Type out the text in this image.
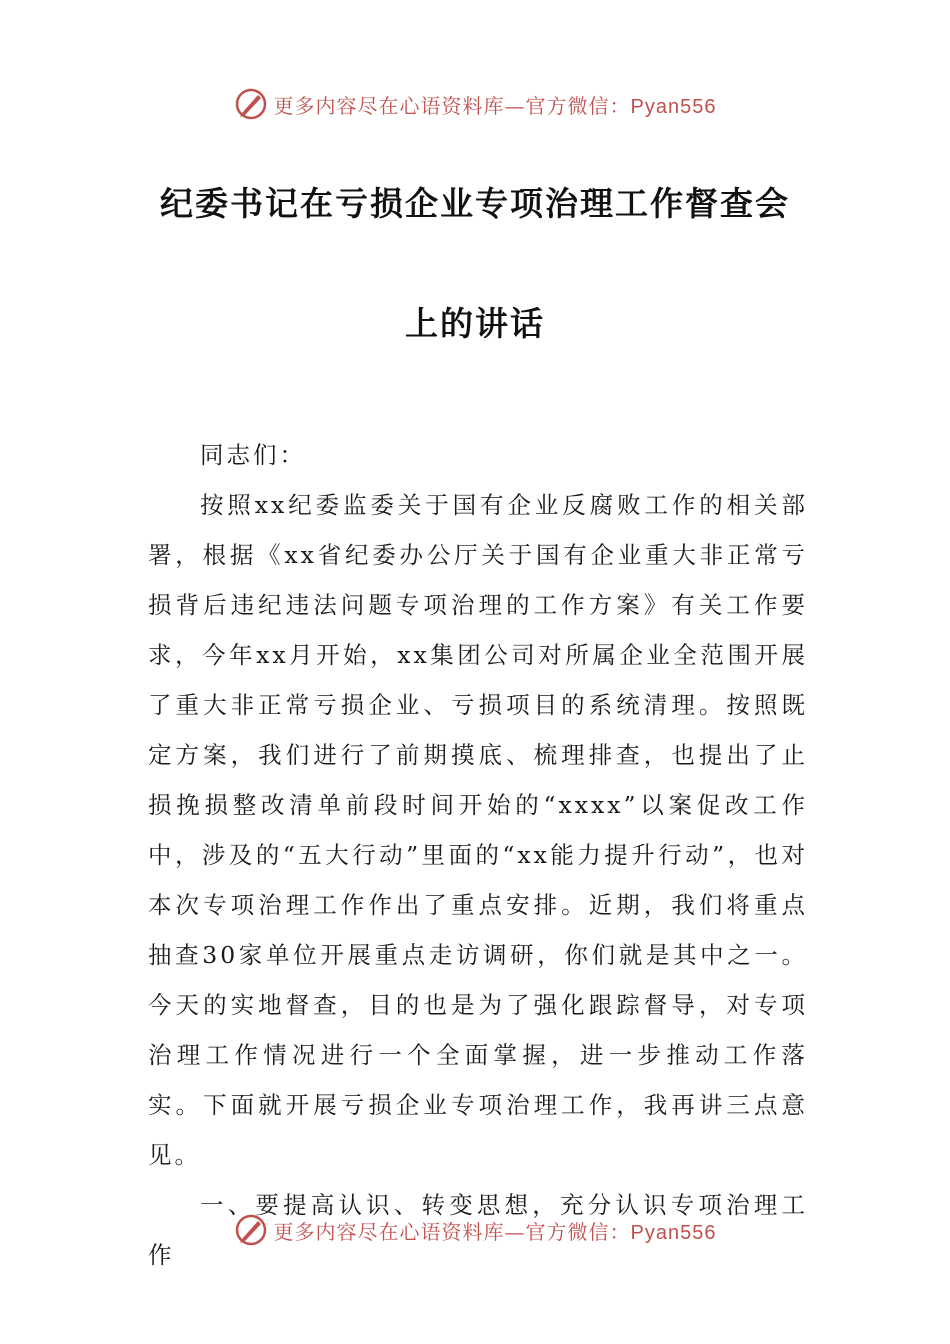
更多内容尽在心语资料库—官方微信：Pyan556
纪委书记在亏损企业专项治理工作督查会
上的讲话

同志们：

按照xx纪委监委关于国有企业反腐败工作的相关部署，根据《xx省纪委办公厅关于国有企业重大非正常亏损背后违纪违法问题专项治理的工作方案》有关工作要求，今年xx月开始，xx集团公司对所属企业全范围开展了重大非正常亏损企业、亏损项目的系统清理。按照既定方案，我们进行了前期摸底、梳理排查，也提出了止损挽损整改清单前段时间开始的“xxxx”以案促改工作中，涉及的“五大行动”里面的“xx能力提升行动”，也对本次专项治理工作作出了重点安排。近期，我们将重点抽查30家单位开展重点走访调研，你们就是其中之一。今天的实地督查，目的也是为了强化跟踪督导，对专项治理工作情况进行一个全面掌握，进一步推动工作落实。下面就开展亏损企业专项治理工作，我再讲三点意见。

一、要提高认识、转变思想，充分认识专项治理工作

更多内容尽在心语资料库—官方微信：Pyan556
